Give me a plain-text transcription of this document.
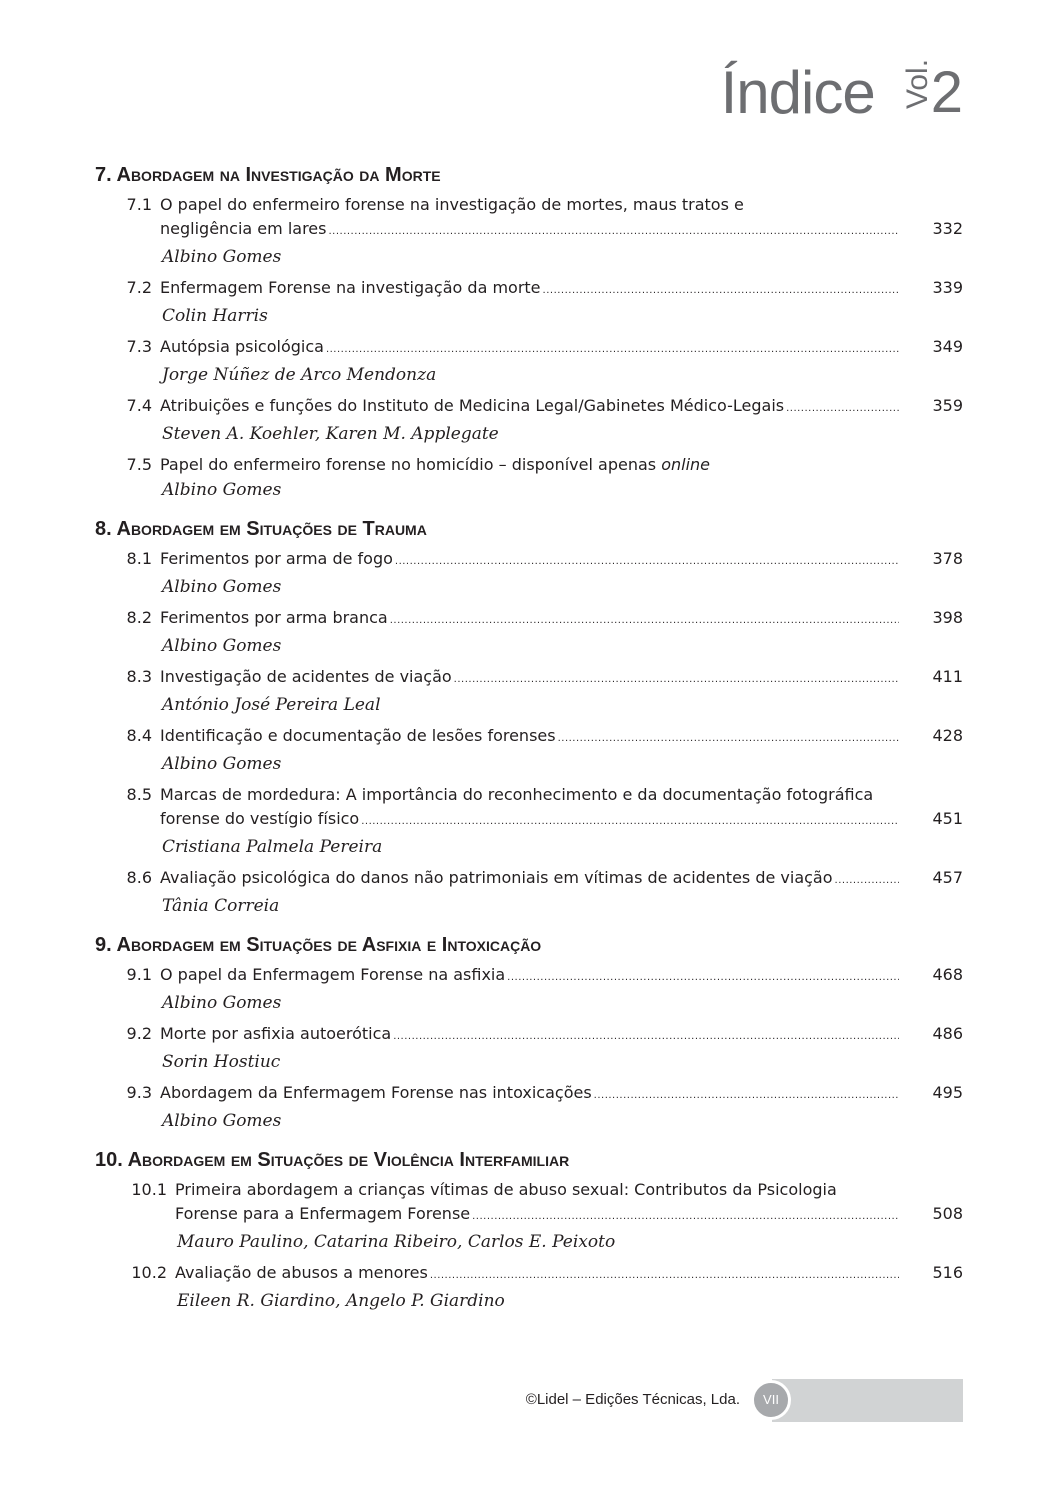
Índice Vol.
2
7. Abordagem na Investigação da Morte
7.1 O papel do enfermeiro forense na investigação de mortes, maus tratos e
negligência em lares .....	332
Albino Gomes
7.2 Enfermagem Forense na investigação da morte .....	339
Colin Harris
7.3 Autópsia psicológica .....	349
Jorge Núñez de Arco Mendonza
7.4 Atribuições e funções do Instituto de Medicina Legal/Gabinetes Médico-Legais .....	359
Steven A. Koehler, Karen M. Applegate
7.5 Papel do enfermeiro forense no homicídio – disponível apenas
online
Albino Gomes
8. Abordagem em Situações de Trauma
8.1 Ferimentos por arma de fogo .....	378
Albino Gomes
8.2 Ferimentos por arma branca .....	398
Albino Gomes
8.3 Investigação de acidentes de viação .....	411
António José Pereira Leal
8.4 Identificação e documentação de lesões forenses .....	428
Albino Gomes
8.5 Marcas de mordedura: A importância do reconhecimento e da documentação fotográfica
forense do vestígio físico .....	451
Cristiana Palmela Pereira
8.6 Avaliação psicológica do danos não patrimoniais em vítimas de acidentes de viação .....	457
Tânia Correia
9. Abordagem em Situações de Asfixia e Intoxicação
9.1 O papel da Enfermagem Forense na asfixia .....	468
Albino Gomes
9.2 Morte por asfixia autoerótica .....	486
Sorin Hostiuc
9.3 Abordagem da Enfermagem Forense nas intoxicações .....	495
Albino Gomes
10. Abordagem em Situações de Violência Interfamiliar
10.1 Primeira abordagem a crianças vítimas de abuso sexual: Contributos da Psicologia
Forense para a Enfermagem Forense .....	508
Mauro Paulino, Catarina Ribeiro, Carlos E. Peixoto
10.2 Avaliação de abusos a menores .....	516
Eileen R. Giardino, Angelo P. Giardino
©Lidel – Edições Técnicas, Lda.	VII
